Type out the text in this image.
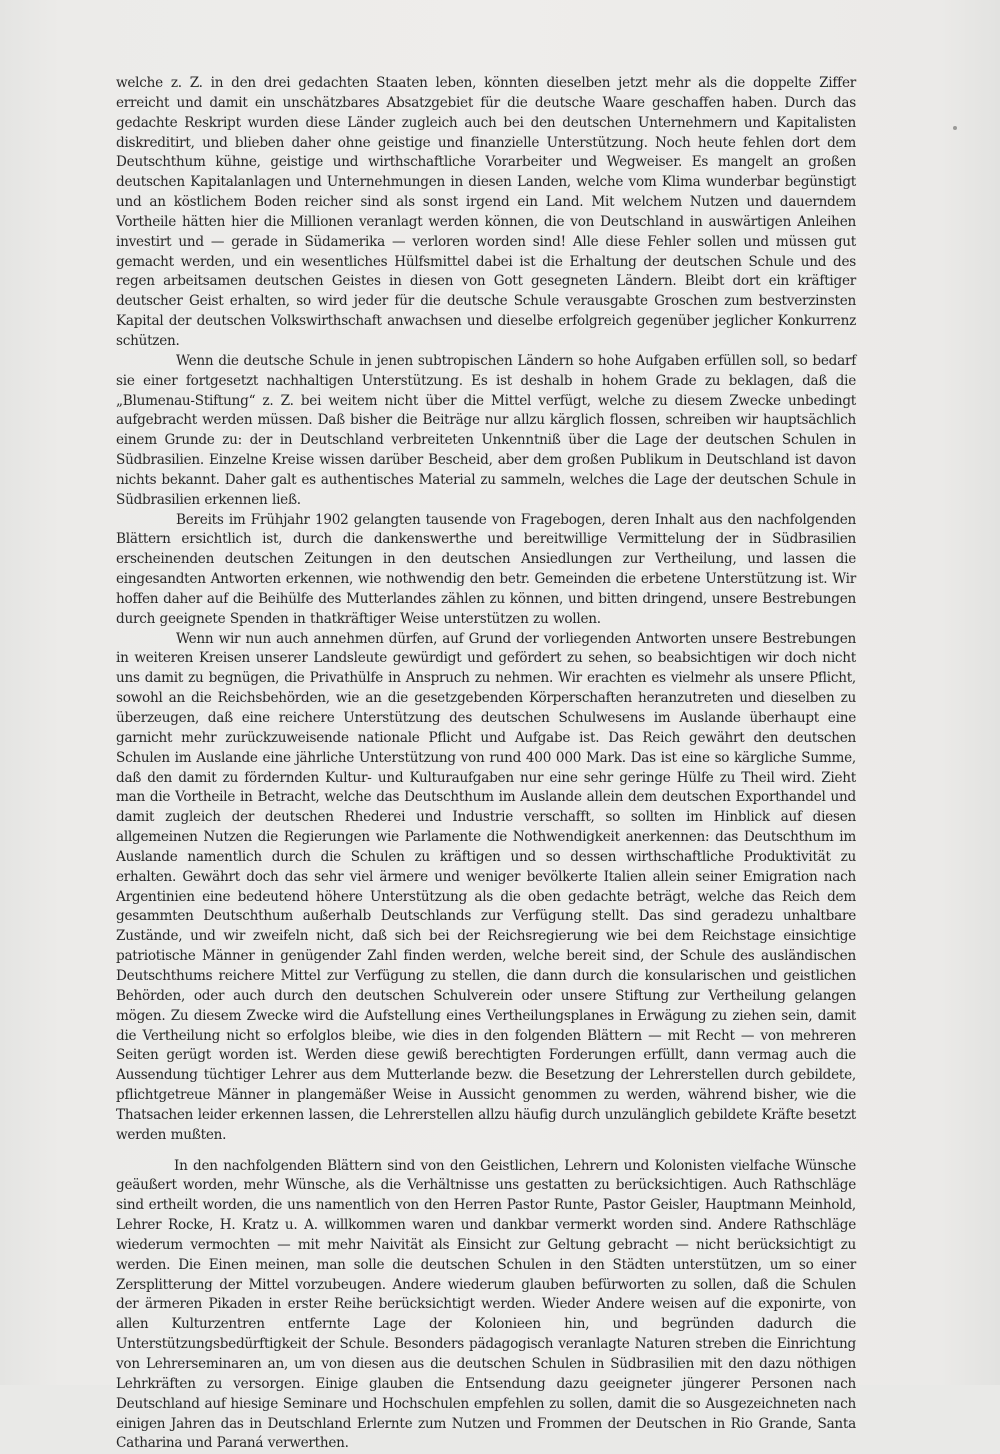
welche z. Z. in den drei gedachten Staaten leben, könnten dieselben jetzt mehr als die doppelte Ziffer erreicht und damit ein unschätzbares Absatzgebiet für die deutsche Waare geschaffen haben. Durch das gedachte Reskript wurden diese Länder zugleich auch bei den deutschen Unternehmern und Kapitalisten diskreditirt, und blieben daher ohne geistige und finanzielle Unterstützung. Noch heute fehlen dort dem Deutschthum kühne, geistige und wirthschaftliche Vorarbeiter und Wegweiser. Es mangelt an großen deutschen Kapitalanlagen und Unternehmungen in diesen Landen, welche vom Klima wunderbar begünstigt und an köstlichem Boden reicher sind als sonst irgend ein Land. Mit welchem Nutzen und dauerndem Vortheile hätten hier die Millionen veranlagt werden können, die von Deutschland in auswärtigen Anleihen investirt und — gerade in Südamerika — verloren worden sind! Alle diese Fehler sollen und müssen gut gemacht werden, und ein wesentliches Hülfsmittel dabei ist die Erhaltung der deutschen Schule und des regen arbeitsamen deutschen Geistes in diesen von Gott gesegneten Ländern. Bleibt dort ein kräftiger deutscher Geist erhalten, so wird jeder für die deutsche Schule verausgabte Groschen zum bestverzinsten Kapital der deutschen Volkswirthschaft anwachsen und dieselbe erfolgreich gegenüber jeglicher Konkurrenz schützen.

Wenn die deutsche Schule in jenen subtropischen Ländern so hohe Aufgaben erfüllen soll, so bedarf sie einer fortgesetzt nachhaltigen Unterstützung. Es ist deshalb in hohem Grade zu beklagen, daß die „Blumenau-Stiftung“ z. Z. bei weitem nicht über die Mittel verfügt, welche zu diesem Zwecke unbedingt aufgebracht werden müssen. Daß bisher die Beiträge nur allzu kärglich flossen, schreiben wir hauptsächlich einem Grunde zu: der in Deutschland verbreiteten Unkenntniß über die Lage der deutschen Schulen in Südbrasilien. Einzelne Kreise wissen darüber Bescheid, aber dem großen Publikum in Deutschland ist davon nichts bekannt. Daher galt es authentisches Material zu sammeln, welches die Lage der deutschen Schule in Südbrasilien erkennen ließ.

Bereits im Frühjahr 1902 gelangten tausende von Fragebogen, deren Inhalt aus den nachfolgenden Blättern ersichtlich ist, durch die dankenswerthe und bereitwillige Vermittelung der in Südbrasilien erscheinenden deutschen Zeitungen in den deutschen Ansiedlungen zur Vertheilung, und lassen die eingesandten Antworten erkennen, wie nothwendig den betr. Gemeinden die erbetene Unterstützung ist. Wir hoffen daher auf die Beihülfe des Mutterlandes zählen zu können, und bitten dringend, unsere Bestrebungen durch geeignete Spenden in thatkräftiger Weise unterstützen zu wollen.

Wenn wir nun auch annehmen dürfen, auf Grund der vorliegenden Antworten unsere Bestrebungen in weiteren Kreisen unserer Landsleute gewürdigt und gefördert zu sehen, so beabsichtigen wir doch nicht uns damit zu begnügen, die Privathülfe in Anspruch zu nehmen. Wir erachten es vielmehr als unsere Pflicht, sowohl an die Reichsbehörden, wie an die gesetzgebenden Körperschaften heranzutreten und dieselben zu überzeugen, daß eine reichere Unterstützung des deutschen Schulwesens im Auslande überhaupt eine garnicht mehr zurückzuweisende nationale Pflicht und Aufgabe ist. Das Reich gewährt den deutschen Schulen im Auslande eine jährliche Unterstützung von rund 400 000 Mark. Das ist eine so kärgliche Summe, daß den damit zu fördernden Kultur- und Kulturaufgaben nur eine sehr geringe Hülfe zu Theil wird. Zieht man die Vortheile in Betracht, welche das Deutschthum im Auslande allein dem deutschen Exporthandel und damit zugleich der deutschen Rhederei und Industrie verschafft, so sollten im Hinblick auf diesen allgemeinen Nutzen die Regierungen wie Parlamente die Nothwendigkeit anerkennen: das Deutschthum im Auslande namentlich durch die Schulen zu kräftigen und so dessen wirthschaftliche Produktivität zu erhalten. Gewährt doch das sehr viel ärmere und weniger bevölkerte Italien allein seiner Emigration nach Argentinien eine bedeutend höhere Unterstützung als die oben gedachte beträgt, welche das Reich dem gesammten Deutschthum außerhalb Deutschlands zur Verfügung stellt. Das sind geradezu unhaltbare Zustände, und wir zweifeln nicht, daß sich bei der Reichsregierung wie bei dem Reichstage einsichtige patriotische Männer in genügender Zahl finden werden, welche bereit sind, der Schule des ausländischen Deutschthums reichere Mittel zur Verfügung zu stellen, die dann durch die konsularischen und geistlichen Behörden, oder auch durch den deutschen Schulverein oder unsere Stiftung zur Vertheilung gelangen mögen. Zu diesem Zwecke wird die Aufstellung eines Vertheilungsplanes in Erwägung zu ziehen sein, damit die Vertheilung nicht so erfolglos bleibe, wie dies in den folgenden Blättern — mit Recht — von mehreren Seiten gerügt worden ist. Werden diese gewiß berechtigten Forderungen erfüllt, dann vermag auch die Aussendung tüchtiger Lehrer aus dem Mutterlande bezw. die Besetzung der Lehrerstellen durch gebildete, pflichtgetreue Männer in plangemäßer Weise in Aussicht genommen zu werden, während bisher, wie die Thatsachen leider erkennen lassen, die Lehrerstellen allzu häufig durch unzulänglich gebildete Kräfte besetzt werden mußten.

In den nachfolgenden Blättern sind von den Geistlichen, Lehrern und Kolonisten vielfache Wünsche geäußert worden, mehr Wünsche, als die Verhältnisse uns gestatten zu berücksichtigen. Auch Rathschläge sind ertheilt worden, die uns namentlich von den Herren Pastor Runte, Pastor Geisler, Hauptmann Meinhold, Lehrer Rocke, H. Kratz u. A. willkommen waren und dankbar vermerkt worden sind. Andere Rathschläge wiederum vermochten — mit mehr Naivität als Einsicht zur Geltung gebracht — nicht berücksichtigt zu werden. Die Einen meinen, man solle die deutschen Schulen in den Städten unterstützen, um so einer Zersplitterung der Mittel vorzubeugen. Andere wiederum glauben befürworten zu sollen, daß die Schulen der ärmeren Pikaden in erster Reihe berücksichtigt werden. Wieder Andere weisen auf die exponirte, von allen Kulturzentren entfernte Lage der Kolonieen hin, und begründen dadurch die Unterstützungsbedürftigkeit der Schule. Besonders pädagogisch veranlagte Naturen streben die Einrichtung von Lehrerseminaren an, um von diesen aus die deutschen Schulen in Südbrasilien mit den dazu nöthigen Lehrkräften zu versorgen. Einige glauben die Entsendung dazu geeigneter jüngerer Personen nach Deutschland auf hiesige Seminare und Hochschulen empfehlen zu sollen, damit die so Ausgezeichneten nach einigen Jahren das in Deutschland Erlernte zum Nutzen und Frommen der Deutschen in Rio Grande, Santa Catharina und Paraná verwerthen.
